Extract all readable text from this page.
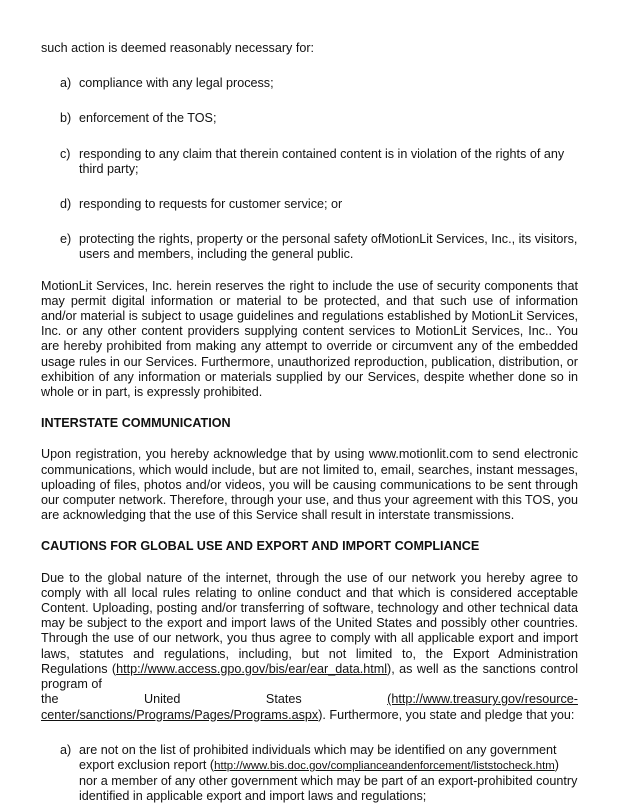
such action is deemed reasonably necessary for:

a) compliance with any legal process;
b) enforcement of the TOS;
c) responding to any claim that therein contained content is in violation of the rights of any third party;
d) responding to requests for customer service; or
e) protecting the rights, property or the personal safety ofMotionLit Services, Inc., its visitors, users and members, including the general public.

MotionLit Services, Inc. herein reserves the right to include the use of security components that may permit digital information or material to be protected, and that such use of information and/or material is subject to usage guidelines and regulations established by MotionLit Services, Inc. or any other content providers supplying content services to MotionLit Services, Inc.. You are hereby prohibited from making any attempt to override or circumvent any of the embedded usage rules in our Services. Furthermore, unauthorized reproduction, publication, distribution, or exhibition of any information or materials supplied by our Services, despite whether done so in whole or in part, is expressly prohibited.

INTERSTATE COMMUNICATION

Upon registration, you hereby acknowledge that by using www.motionlit.com to send electronic communications, which would include, but are not limited to, email, searches, instant messages, uploading of files, photos and/or videos, you will be causing communications to be sent through our computer network. Therefore, through your use, and thus your agreement with this TOS, you are acknowledging that the use of this Service shall result in interstate transmissions.

CAUTIONS FOR GLOBAL USE AND EXPORT AND IMPORT COMPLIANCE

Due to the global nature of the internet, through the use of our network you hereby agree to comply with all local rules relating to online conduct and that which is considered acceptable Content. Uploading, posting and/or transferring of software, technology and other technical data may be subject to the export and import laws of the United States and possibly other countries. Through the use of our network, you thus agree to comply with all applicable export and import laws, statutes and regulations, including, but not limited to, the Export Administration Regulations (http://www.access.gpo.gov/bis/ear/ear_data.html), as well as the sanctions control program of
the	United	States	(http://www.treasury.gov/resource-
center/sanctions/Programs/Pages/Programs.aspx). Furthermore, you state and pledge that you:
a) are not on the list of prohibited individuals which may be identified on any government export exclusion report (http://www.bis.doc.gov/complianceandenforcement/liststocheck.htm) nor a member of any other government which may be part of an export-prohibited country identified in applicable export and import laws and regulations;
